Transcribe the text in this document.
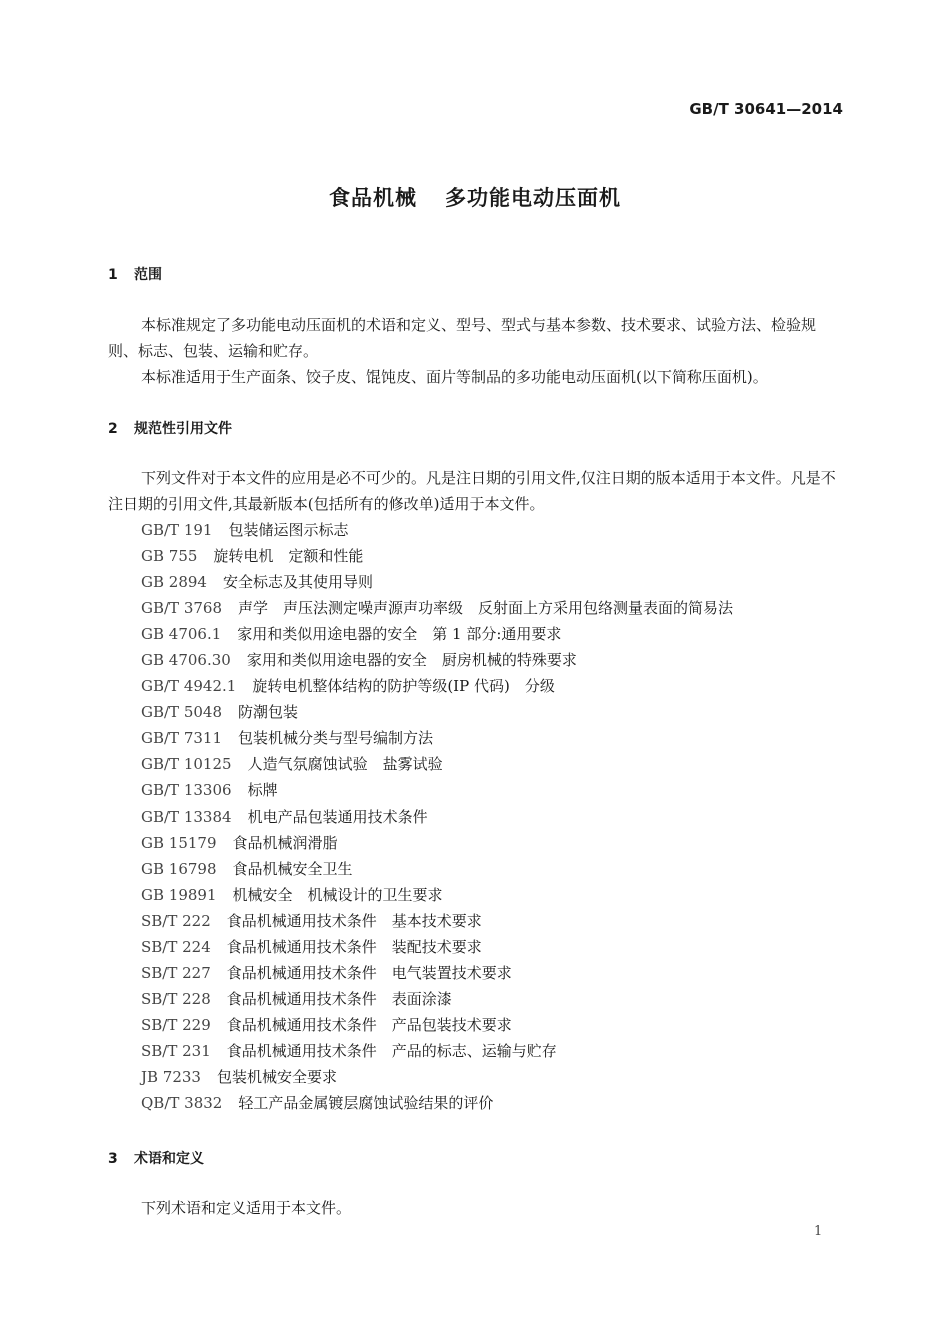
GB/T 30641—2014
食品机械 多功能电动压面机
1 范围

本标准规定了多功能电动压面机的术语和定义、型号、型式与基本参数、技术要求、试验方法、检验规则、标志、包装、运输和贮存。

本标准适用于生产面条、饺子皮、馄饨皮、面片等制品的多功能电动压面机(以下简称压面机)。

2 规范性引用文件

下列文件对于本文件的应用是必不可少的。凡是注日期的引用文件,仅注日期的版本适用于本文件。凡是不注日期的引用文件,其最新版本(包括所有的修改单)适用于本文件。

GB/T 191 包装储运图示标志
GB 755 旋转电机　定额和性能
GB 2894 安全标志及其使用导则
GB/T 3768 声学　声压法测定噪声源声功率级　反射面上方采用包络测量表面的简易法
GB 4706.1 家用和类似用途电器的安全　第 1 部分:通用要求
GB 4706.30 家用和类似用途电器的安全　厨房机械的特殊要求
GB/T 4942.1 旋转电机整体结构的防护等级(IP 代码)　分级
GB/T 5048 防潮包装
GB/T 7311 包装机械分类与型号编制方法
GB/T 10125 人造气氛腐蚀试验　盐雾试验
GB/T 13306 标牌
GB/T 13384 机电产品包装通用技术条件
GB 15179 食品机械润滑脂
GB 16798 食品机械安全卫生
GB 19891 机械安全　机械设计的卫生要求
SB/T 222 食品机械通用技术条件　基本技术要求
SB/T 224 食品机械通用技术条件　装配技术要求
SB/T 227 食品机械通用技术条件　电气装置技术要求
SB/T 228 食品机械通用技术条件　表面涂漆
SB/T 229 食品机械通用技术条件　产品包装技术要求
SB/T 231 食品机械通用技术条件　产品的标志、运输与贮存
JB 7233 包装机械安全要求
QB/T 3832 轻工产品金属镀层腐蚀试验结果的评价
3 术语和定义

下列术语和定义适用于本文件。

1
